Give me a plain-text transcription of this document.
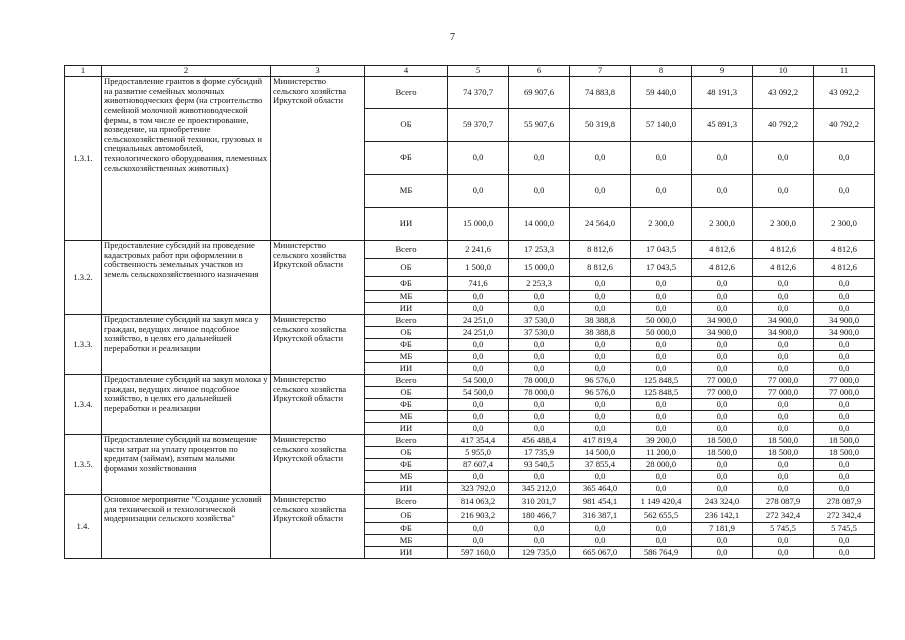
7
1	2	3	4	5	6	7	8	9	10	11
1.3.1.	Предоставление грантов в форме субсидий на развитие семейных молочных животноводческих ферм (на строительство семейной молочной животноводческой фермы, в том числе ее проектирование, возведение, на приобретение сельскохозяйственной техники, грузовых и специальных автомобилей, технологического оборудования, племенных сельскохозяйственных животных)	Министерство сельского хозяйства Иркутской области	Всего	74 370,7	69 907,6	74 883,8	59 440,0	48 191,3	43 092,2	43 092,2
			ОБ	59 370,7	55 907,6	50 319,8	57 140,0	45 891,3	40 792,2	40 792,2
			ФБ	0,0	0,0	0,0	0,0	0,0	0,0	0,0
			МБ	0,0	0,0	0,0	0,0	0,0	0,0	0,0
			ИИ	15 000,0	14 000,0	24 564,0	2 300,0	2 300,0	2 300,0	2 300,0
1.3.2.	Предоставление субсидий на проведение кадастровых работ при оформлении в собственность земельных участков из земель сельскохозяйственного назначения	Министерство сельского хозяйства Иркутской области	Всего	2 241,6	17 253,3	8 812,6	17 043,5	4 812,6	4 812,6	4 812,6
			ОБ	1 500,0	15 000,0	8 812,6	17 043,5	4 812,6	4 812,6	4 812,6
			ФБ	741,6	2 253,3	0,0	0,0	0,0	0,0	0,0
			МБ	0,0	0,0	0,0	0,0	0,0	0,0	0,0
			ИИ	0,0	0,0	0,0	0,0	0,0	0,0	0,0
1.3.3.	Предоставление субсидий на закуп мяса у граждан, ведущих личное подсобное хозяйство, в целях его дальнейшей переработки и реализации	Министерство сельского хозяйства Иркутской области	Всего	24 251,0	37 530,0	38 388,8	50 000,0	34 900,0	34 900,0	34 900,0
			ОБ	24 251,0	37 530,0	38 388,8	50 000,0	34 900,0	34 900,0	34 900,0
			ФБ	0,0	0,0	0,0	0,0	0,0	0,0	0,0
			МБ	0,0	0,0	0,0	0,0	0,0	0,0	0,0
			ИИ	0,0	0,0	0,0	0,0	0,0	0,0	0,0
1.3.4.	Предоставление субсидий на закуп молока у граждан, ведущих личное подсобное хозяйство, в целях его дальнейшей переработки и реализации	Министерство сельского хозяйства Иркутской области	Всего	54 500,0	78 000,0	96 576,0	125 848,5	77 000,0	77 000,0	77 000,0
			ОБ	54 500,0	78 000,0	96 576,0	125 848,5	77 000,0	77 000,0	77 000,0
			ФБ	0,0	0,0	0,0	0,0	0,0	0,0	0,0
			МБ	0,0	0,0	0,0	0,0	0,0	0,0	0,0
			ИИ	0,0	0,0	0,0	0,0	0,0	0,0	0,0
1.3.5.	Предоставление субсидий на возмещение части затрат на уплату процентов по кредитам (займам), взятым малыми формами хозяйствования	Министерство сельского хозяйства Иркутской области	Всего	417 354,4	456 488,4	417 819,4	39 200,0	18 500,0	18 500,0	18 500,0
			ОБ	5 955,0	17 735,9	14 500,0	11 200,0	18 500,0	18 500,0	18 500,0
			ФБ	87 607,4	93 540,5	37 855,4	28 000,0	0,0	0,0	0,0
			МБ	0,0	0,0	0,0	0,0	0,0	0,0	0,0
			ИИ	323 792,0	345 212,0	365 464,0	0,0	0,0	0,0	0,0
1.4.	Основное мероприятие "Создание условий для технической и технологической модернизации сельского хозяйства"	Министерство сельского хозяйства Иркутской области	Всего	814 063,2	310 201,7	981 454,1	1 149 420,4	243 324,0	278 087,9	278 087,9
			ОБ	216 903,2	180 466,7	316 387,1	562 655,5	236 142,1	272 342,4	272 342,4
			ФБ	0,0	0,0	0,0	0,0	7 181,9	5 745,5	5 745,5
			МБ	0,0	0,0	0,0	0,0	0,0	0,0	0,0
			ИИ	597 160,0	129 735,0	665 067,0	586 764,9	0,0	0,0	0,0
